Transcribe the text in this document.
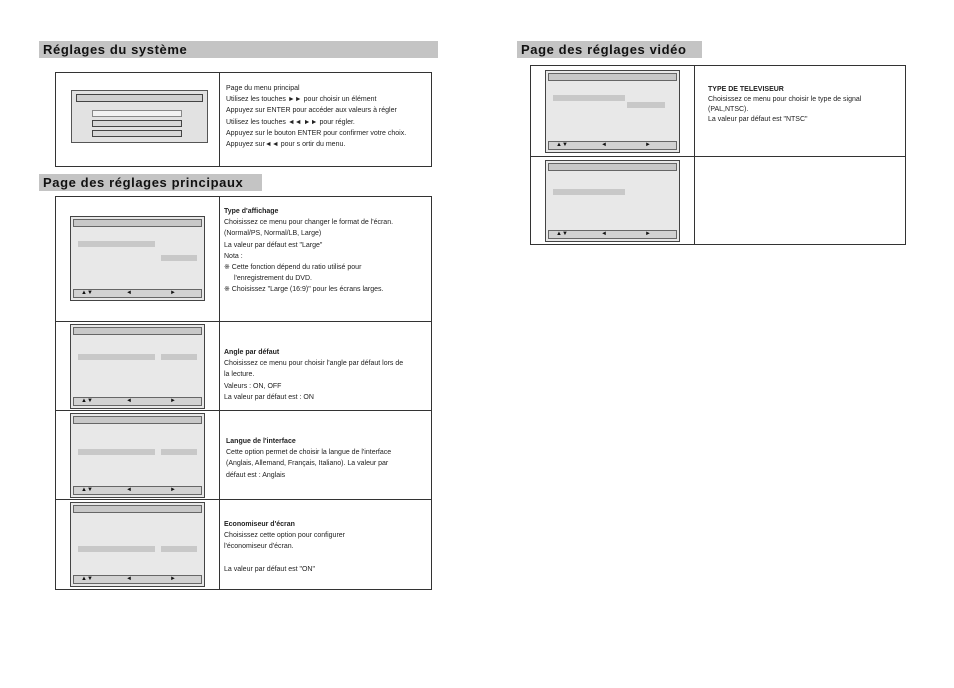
Réglages du système

Page du menu principal

Utilisez les touches ►► pour choisir un élément

Appuyez sur ENTER pour accéder aux valeurs à régler

Utilisez les touches ◄◄ ►► pour régler.

Appuyez sur le bouton ENTER pour confirmer votre choix.

Appuyez sur◄◄ pour s ortir du menu.

Page des réglages principaux
▲▼	◄	►

Type d'affichage

Choisissez ce menu pour changer le format de l'écran.

(Normal/PS, Normal/LB, Large)

La valeur par défaut est "Large"

Nota :

※ Cette fonction dépend du ratio utilisé pour

l'enregistrement du DVD.

※ Choisissez "Large (16:9)" pour les écrans larges.

▲▼	◄	►

Angle par défaut

Choisissez ce menu pour choisir l'angle par défaut lors de

la lecture.

Valeurs : ON, OFF

La valeur par défaut est : ON

▲▼	◄	►

Langue de l'interface

Cette option permet de choisir la langue de l'interface

(Anglais, Allemand, Français, Italiano). La valeur par

défaut est : Anglais

▲▼	◄	►

Economiseur d'écran

Choisissez cette option pour configurer

l'économiseur d'écran.

La valeur par défaut est "ON"

Page des réglages vidéo
▲▼	◄	►

TYPE DE TELEVISEUR

Choisissez ce menu pour choisir le type de signal

(PAL,NTSC).

La valeur par défaut est "NTSC"

▲▼	◄	►
